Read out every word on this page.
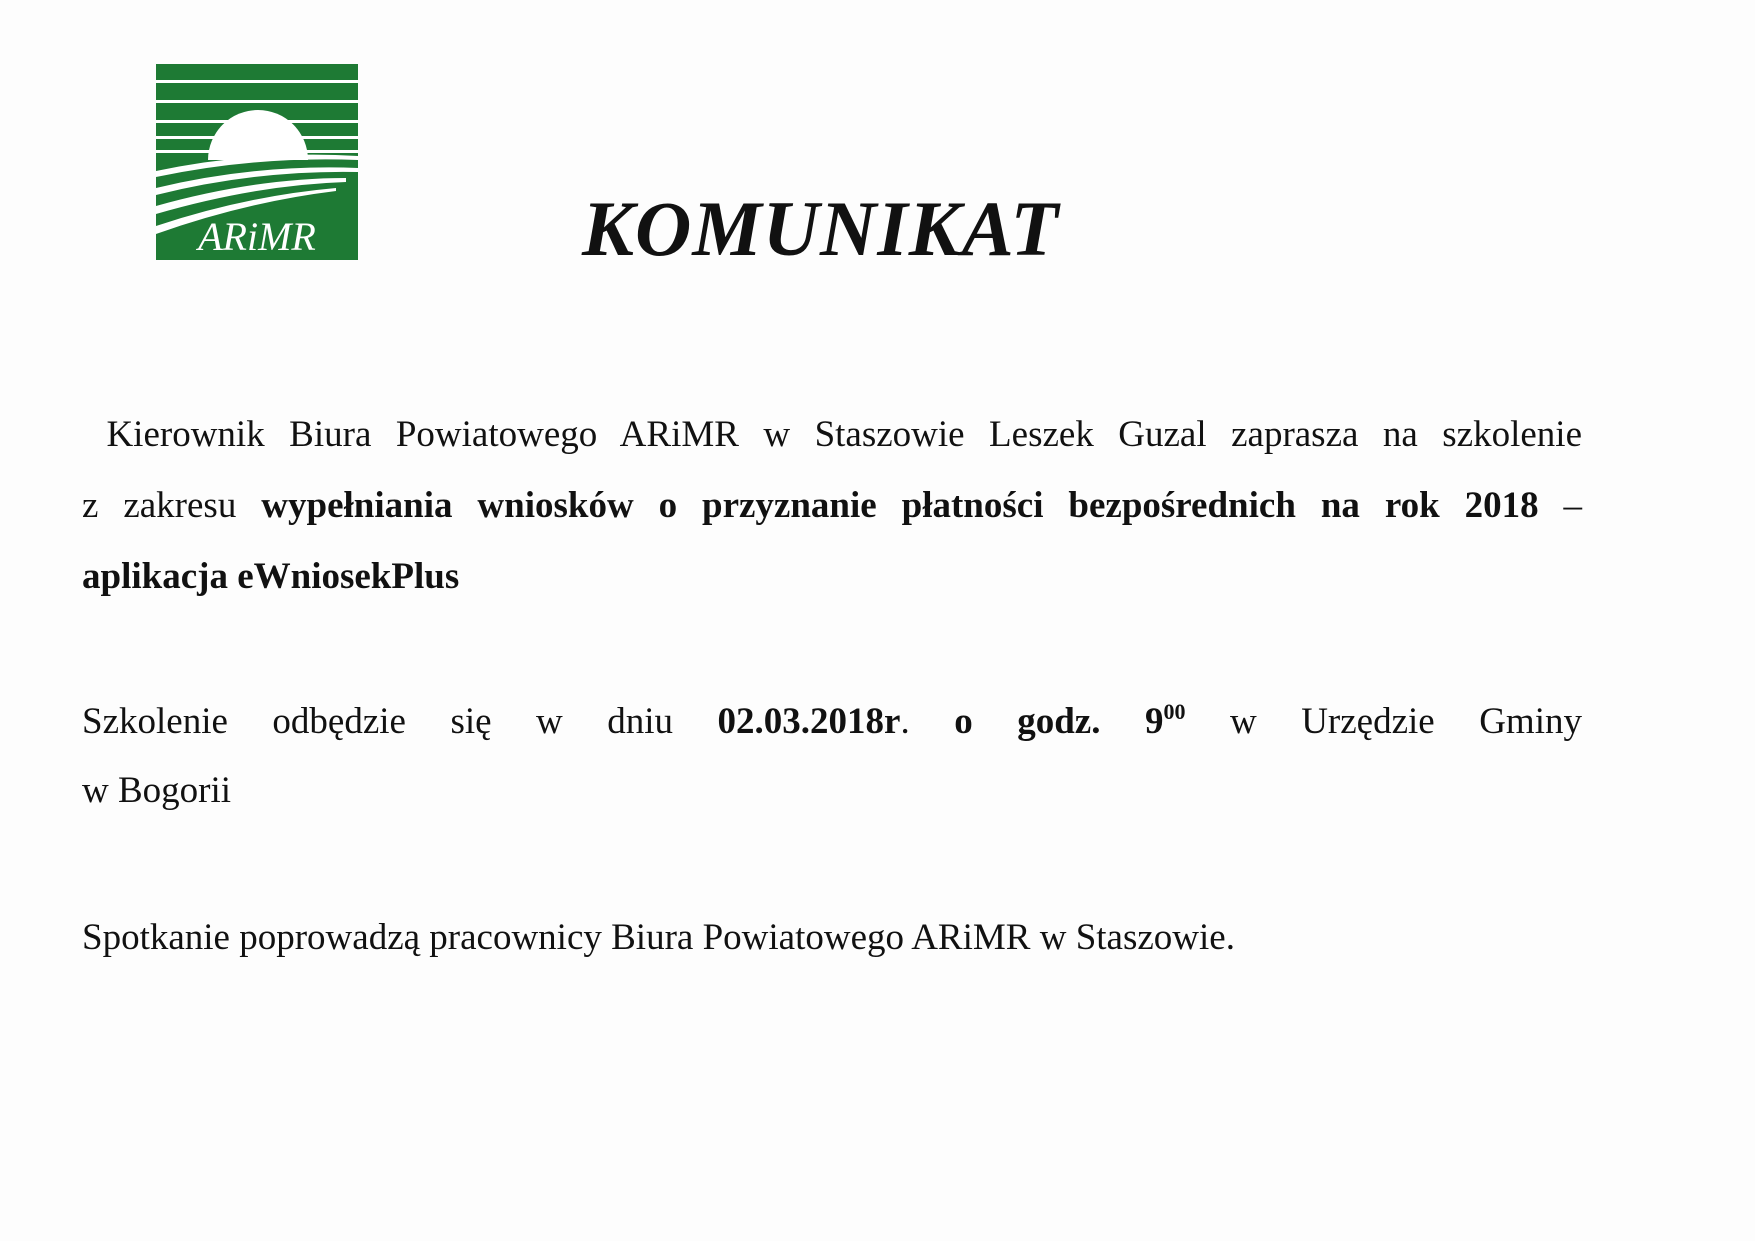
ARiMR	KOMUNIKAT
Kierownik Biura Powiatowego ARiMR w Staszowie Leszek Guzal zaprasza na szkolenie
z zakresu wypełniania wniosków o przyznanie płatności bezpośrednich na rok 2018 –
aplikacja eWniosekPlus
Szkolenie odbędzie się w dniu 02.03.2018r. o godz. $9^{00}$ w Urzędzie Gminy
w Bogorii
Spotkanie poprowadzą pracownicy Biura Powiatowego ARiMR w Staszowie.
